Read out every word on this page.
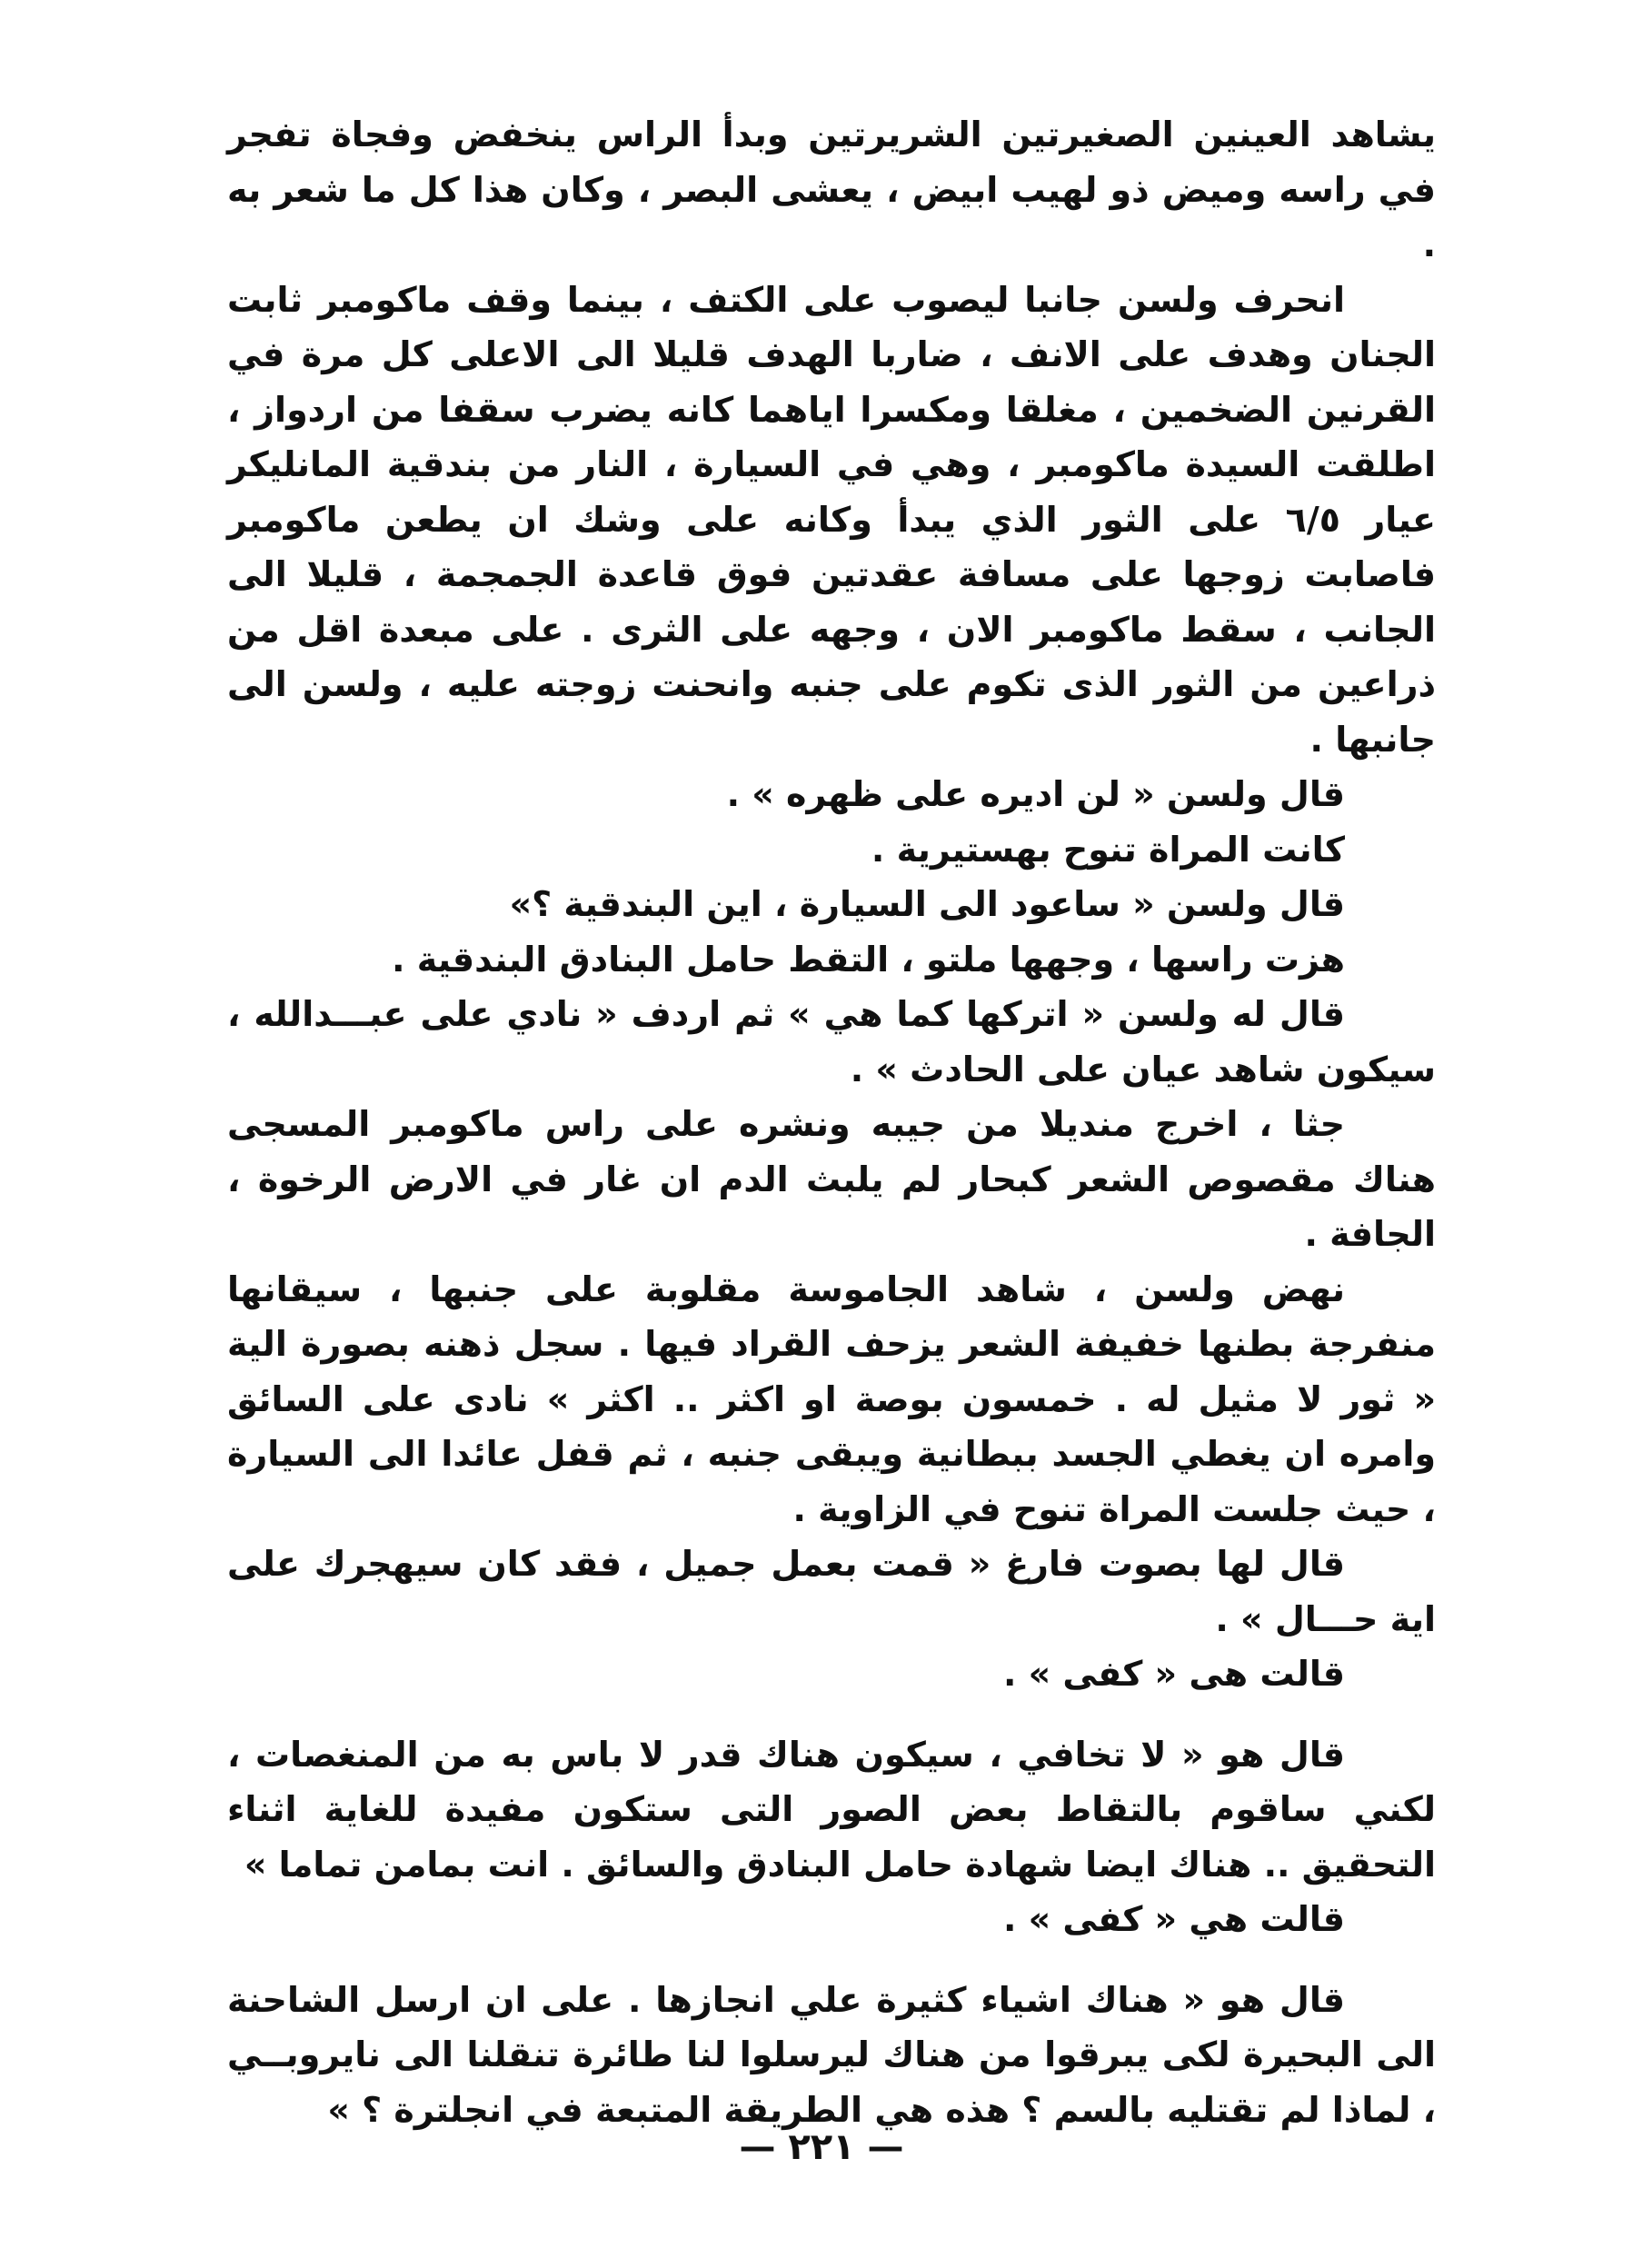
يشاهد العينين الصغيرتين الشريرتين وبدأ الراس ينخفض وفجاة تفجر في راسه وميض ذو لهيب ابيض ، يعشى البصر ، وكان هذا كل ما شعر به .

انحرف ولسن جانبا ليصوب على الكتف ، بينما وقف ماكومبر ثابت الجنان وهدف على الانف ، ضاربا الهدف قليلا الى الاعلى كل مرة في القرنين الضخمين ، مغلقا ومكسرا اياهما كانه يضرب سقفا من اردواز ، اطلقت السيدة ماكومبر ، وهي في السيارة ، النار من بندقية المانليكر عيار ٦/٥ على الثور الذي يبدأ وكانه على وشك ان يطعن ماكومبر فاصابت زوجها على مسافة عقدتين فوق قاعدة الجمجمة ، قليلا الى الجانب ، سقط ماكومبر الان ، وجهه على الثرى . على مبعدة اقل من ذراعين من الثور الذى تكوم على جنبه وانحنت زوجته عليه ، ولسن الى جانبها .

قال ولسن « لن اديره على ظهره » .

كانت المراة تنوح بهستيرية .

قال ولسن « ساعود الى السيارة ، اين البندقية ؟»

هزت راسها ، وجهها ملتو ، التقط حامل البنادق البندقية .

قال له ولسن « اتركها كما هي » ثم اردف « نادي على عبـــدالله ، سيكون شاهد عيان على الحادث » .

جثا ، اخرج منديلا من جيبه ونشره على راس ماكومبر المسجى هناك مقصوص الشعر كبحار لم يلبث الدم ان غار في الارض الرخوة ، الجافة .

نهض ولسن ، شاهد الجاموسة مقلوبة على جنبها ، سيقانها منفرجة بطنها خفيفة الشعر يزحف القراد فيها . سجل ذهنه بصورة الية « ثور لا مثيل له . خمسون بوصة او اكثر .. اكثر » نادى على السائق وامره ان يغطي الجسد ببطانية ويبقى جنبه ، ثم قفل عائدا الى السيارة ، حيث جلست المراة تنوح في الزاوية .

قال لها بصوت فارغ « قمت بعمل جميل ، فقد كان سيهجرك على اية حـــال » .

قالت هى « كفى » .

قال هو « لا تخافي ، سيكون هناك قدر لا باس به من المنغصات ، لكني ساقوم بالتقاط بعض الصور التى ستكون مفيدة للغاية اثناء التحقيق .. هناك ايضا شهادة حامل البنادق والسائق . انت بمامن تماما »

قالت هي « كفى » .

قال هو « هناك اشياء كثيرة علي انجازها . على ان ارسل الشاحنة الى البحيرة لكى يبرقوا من هناك ليرسلوا لنا طائرة تنقلنا الى نايروبــي ، لماذا لم تقتليه بالسم ؟ هذه هي الطريقة المتبعة في انجلترة ؟ »

— ٢٢١ —
